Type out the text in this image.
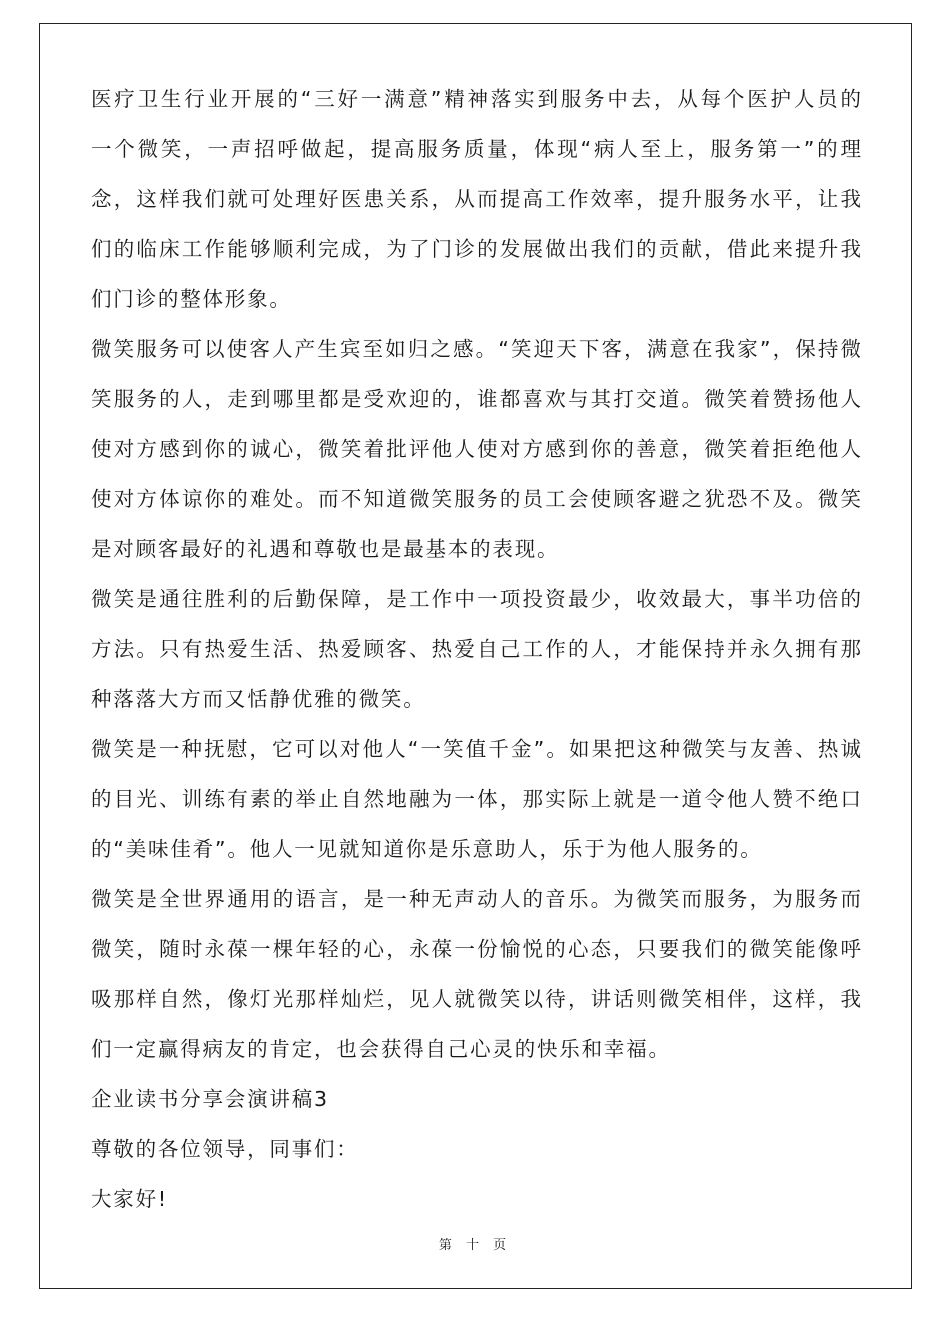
医疗卫生行业开展的“三好一满意”精神落实到服务中去，从每个医护人员的
一个微笑，一声招呼做起，提高服务质量，体现“病人至上，服务第一”的理
念，这样我们就可处理好医患关系，从而提高工作效率，提升服务水平，让我
们的临床工作能够顺利完成，为了门诊的发展做出我们的贡献，借此来提升我
们门诊的整体形象。
微笑服务可以使客人产生宾至如归之感。“笑迎天下客，满意在我家”，保持微
笑服务的人，走到哪里都是受欢迎的，谁都喜欢与其打交道。微笑着赞扬他人
使对方感到你的诚心，微笑着批评他人使对方感到你的善意，微笑着拒绝他人
使对方体谅你的难处。而不知道微笑服务的员工会使顾客避之犹恐不及。微笑
是对顾客最好的礼遇和尊敬也是最基本的表现。
微笑是通往胜利的后勤保障，是工作中一项投资最少，收效最大，事半功倍的
方法。只有热爱生活、热爱顾客、热爱自己工作的人，才能保持并永久拥有那
种落落大方而又恬静优雅的微笑。
微笑是一种抚慰，它可以对他人“一笑值千金”。如果把这种微笑与友善、热诚
的目光、训练有素的举止自然地融为一体，那实际上就是一道令他人赞不绝口
的“美味佳肴”。他人一见就知道你是乐意助人，乐于为他人服务的。
微笑是全世界通用的语言，是一种无声动人的音乐。为微笑而服务，为服务而
微笑，随时永葆一棵年轻的心，永葆一份愉悦的心态，只要我们的微笑能像呼
吸那样自然，像灯光那样灿烂，见人就微笑以待，讲话则微笑相伴，这样，我
们一定赢得病友的肯定，也会获得自己心灵的快乐和幸福。
企业读书分享会演讲稿3
尊敬的各位领导，同事们：
大家好!
第 十 页
